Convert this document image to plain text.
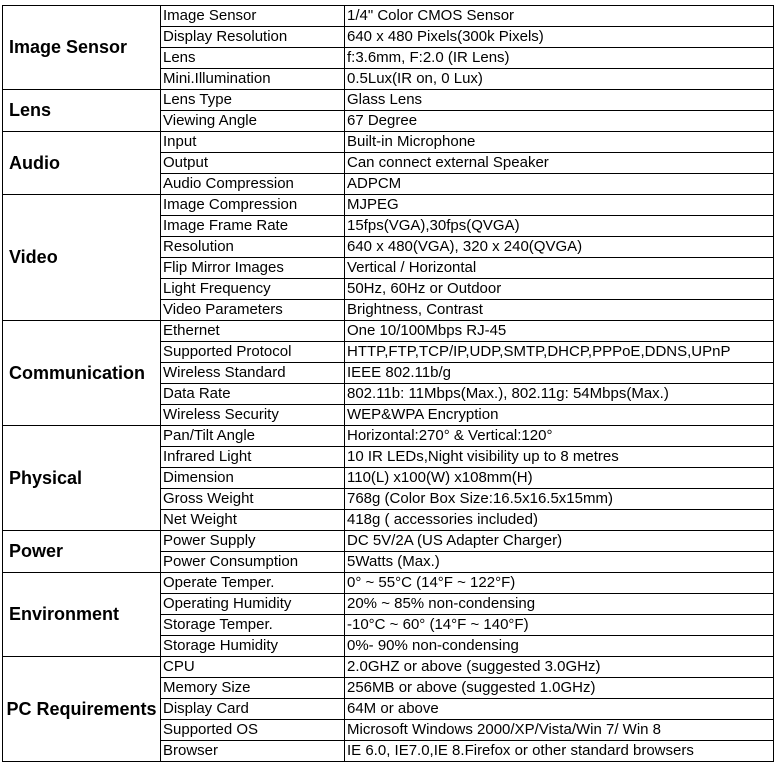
Image Sensor	Image Sensor	1/4" Color CMOS Sensor
	Display Resolution	640 x 480 Pixels(300k Pixels)
	Lens	f:3.6mm, F:2.0 (IR Lens)
	Mini.Illumination	0.5Lux(IR on, 0 Lux)
Lens	Lens Type	Glass Lens
	Viewing Angle	67 Degree
Audio	Input	Built-in Microphone
	Output	Can connect external Speaker
	Audio Compression	ADPCM
Video	Image Compression	MJPEG
	Image Frame Rate	15fps(VGA),30fps(QVGA)
	Resolution	640 x 480(VGA), 320 x 240(QVGA)
	Flip Mirror Images	Vertical / Horizontal
	Light Frequency	50Hz, 60Hz or Outdoor
	Video Parameters	Brightness, Contrast
Communication	Ethernet	One 10/100Mbps RJ-45
	Supported Protocol	HTTP,FTP,TCP/IP,UDP,SMTP,DHCP,PPPoE,DDNS,UPnP
	Wireless Standard	IEEE 802.11b/g
	Data Rate	802.11b: 11Mbps(Max.), 802.11g: 54Mbps(Max.)
	Wireless Security	WEP&WPA Encryption
Physical	Pan/Tilt Angle	Horizontal:270° & Vertical:120°
	Infrared Light	10 IR LEDs,Night visibility up to 8 metres
	Dimension	110(L) x100(W) x108mm(H)
	Gross Weight	768g (Color Box Size:16.5x16.5x15mm)
	Net Weight	418g ( accessories included)
Power	Power Supply	DC 5V/2A (US Adapter Charger)
	Power Consumption	5Watts (Max.)
Environment	Operate Temper.	0° ~ 55°C (14°F ~ 122°F)
	Operating Humidity	20% ~ 85% non-condensing
	Storage Temper.	-10°C ~ 60° (14°F ~ 140°F)
	Storage Humidity	0%- 90% non-condensing
PC Requirements	CPU	2.0GHZ or above (suggested 3.0GHz)
	Memory Size	256MB or above (suggested 1.0GHz)
	Display Card	64M or above
	Supported OS	Microsoft Windows 2000/XP/Vista/Win 7/ Win 8
	Browser	IE 6.0, IE7.0,IE 8.Firefox or other standard browsers
